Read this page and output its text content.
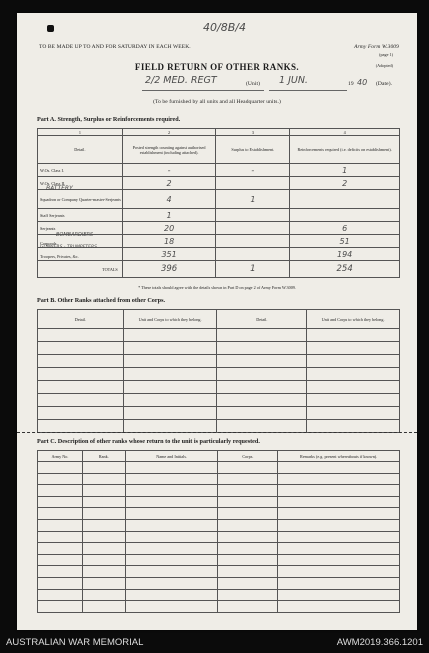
40/8B/4
TO BE MADE UP TO AND FOR SATURDAY IN EACH WEEK.	Army Form W.3009
(page 1)
(Adopted)
FIELD RETURN OF OTHER RANKS.
2/2 MED. REGT	(Unit) 1 JUN.	19 40 (Date).
(To be furnished by all units and all Headquarter units.)
Part A. Strength, Surplus or Reinforcements required.
1	2	3	4
Detail.	Posted strength counting against authorised establishment (including attached).	Surplus to Establishment.	Reinforcements required (i.e. deficits on establishment).
W.Os. Class I.	-	-	1
W.Os. Class II.	2		2

BATTERY
Squadron or Company Quarter-master-Serjeants	4	1	
Staff Serjeants	1		
Serjeants	20		6

BOMBARDIERS
Corporals	18		51

GUNNERS - TRUMPETERS
Troopers, Privates, &c.	351		194
TOTALS	396	1	254
* These totals should agree with the details shown in Part D on page 2 of Army Form W.3009.
Part B. Other Ranks attached from other Corps.
Detail.	Unit and Corps to which they belong.	Detail.	Unit and Corps to which they belong.

Part C. Description of other ranks whose return to the unit is particularly requested.
Army No.	Rank.	Name and Initials.	Corps.	Remarks (e.g. present whereabouts if known).

AUSTRALIAN WAR MEMORIAL	AWM2019.366.1201
